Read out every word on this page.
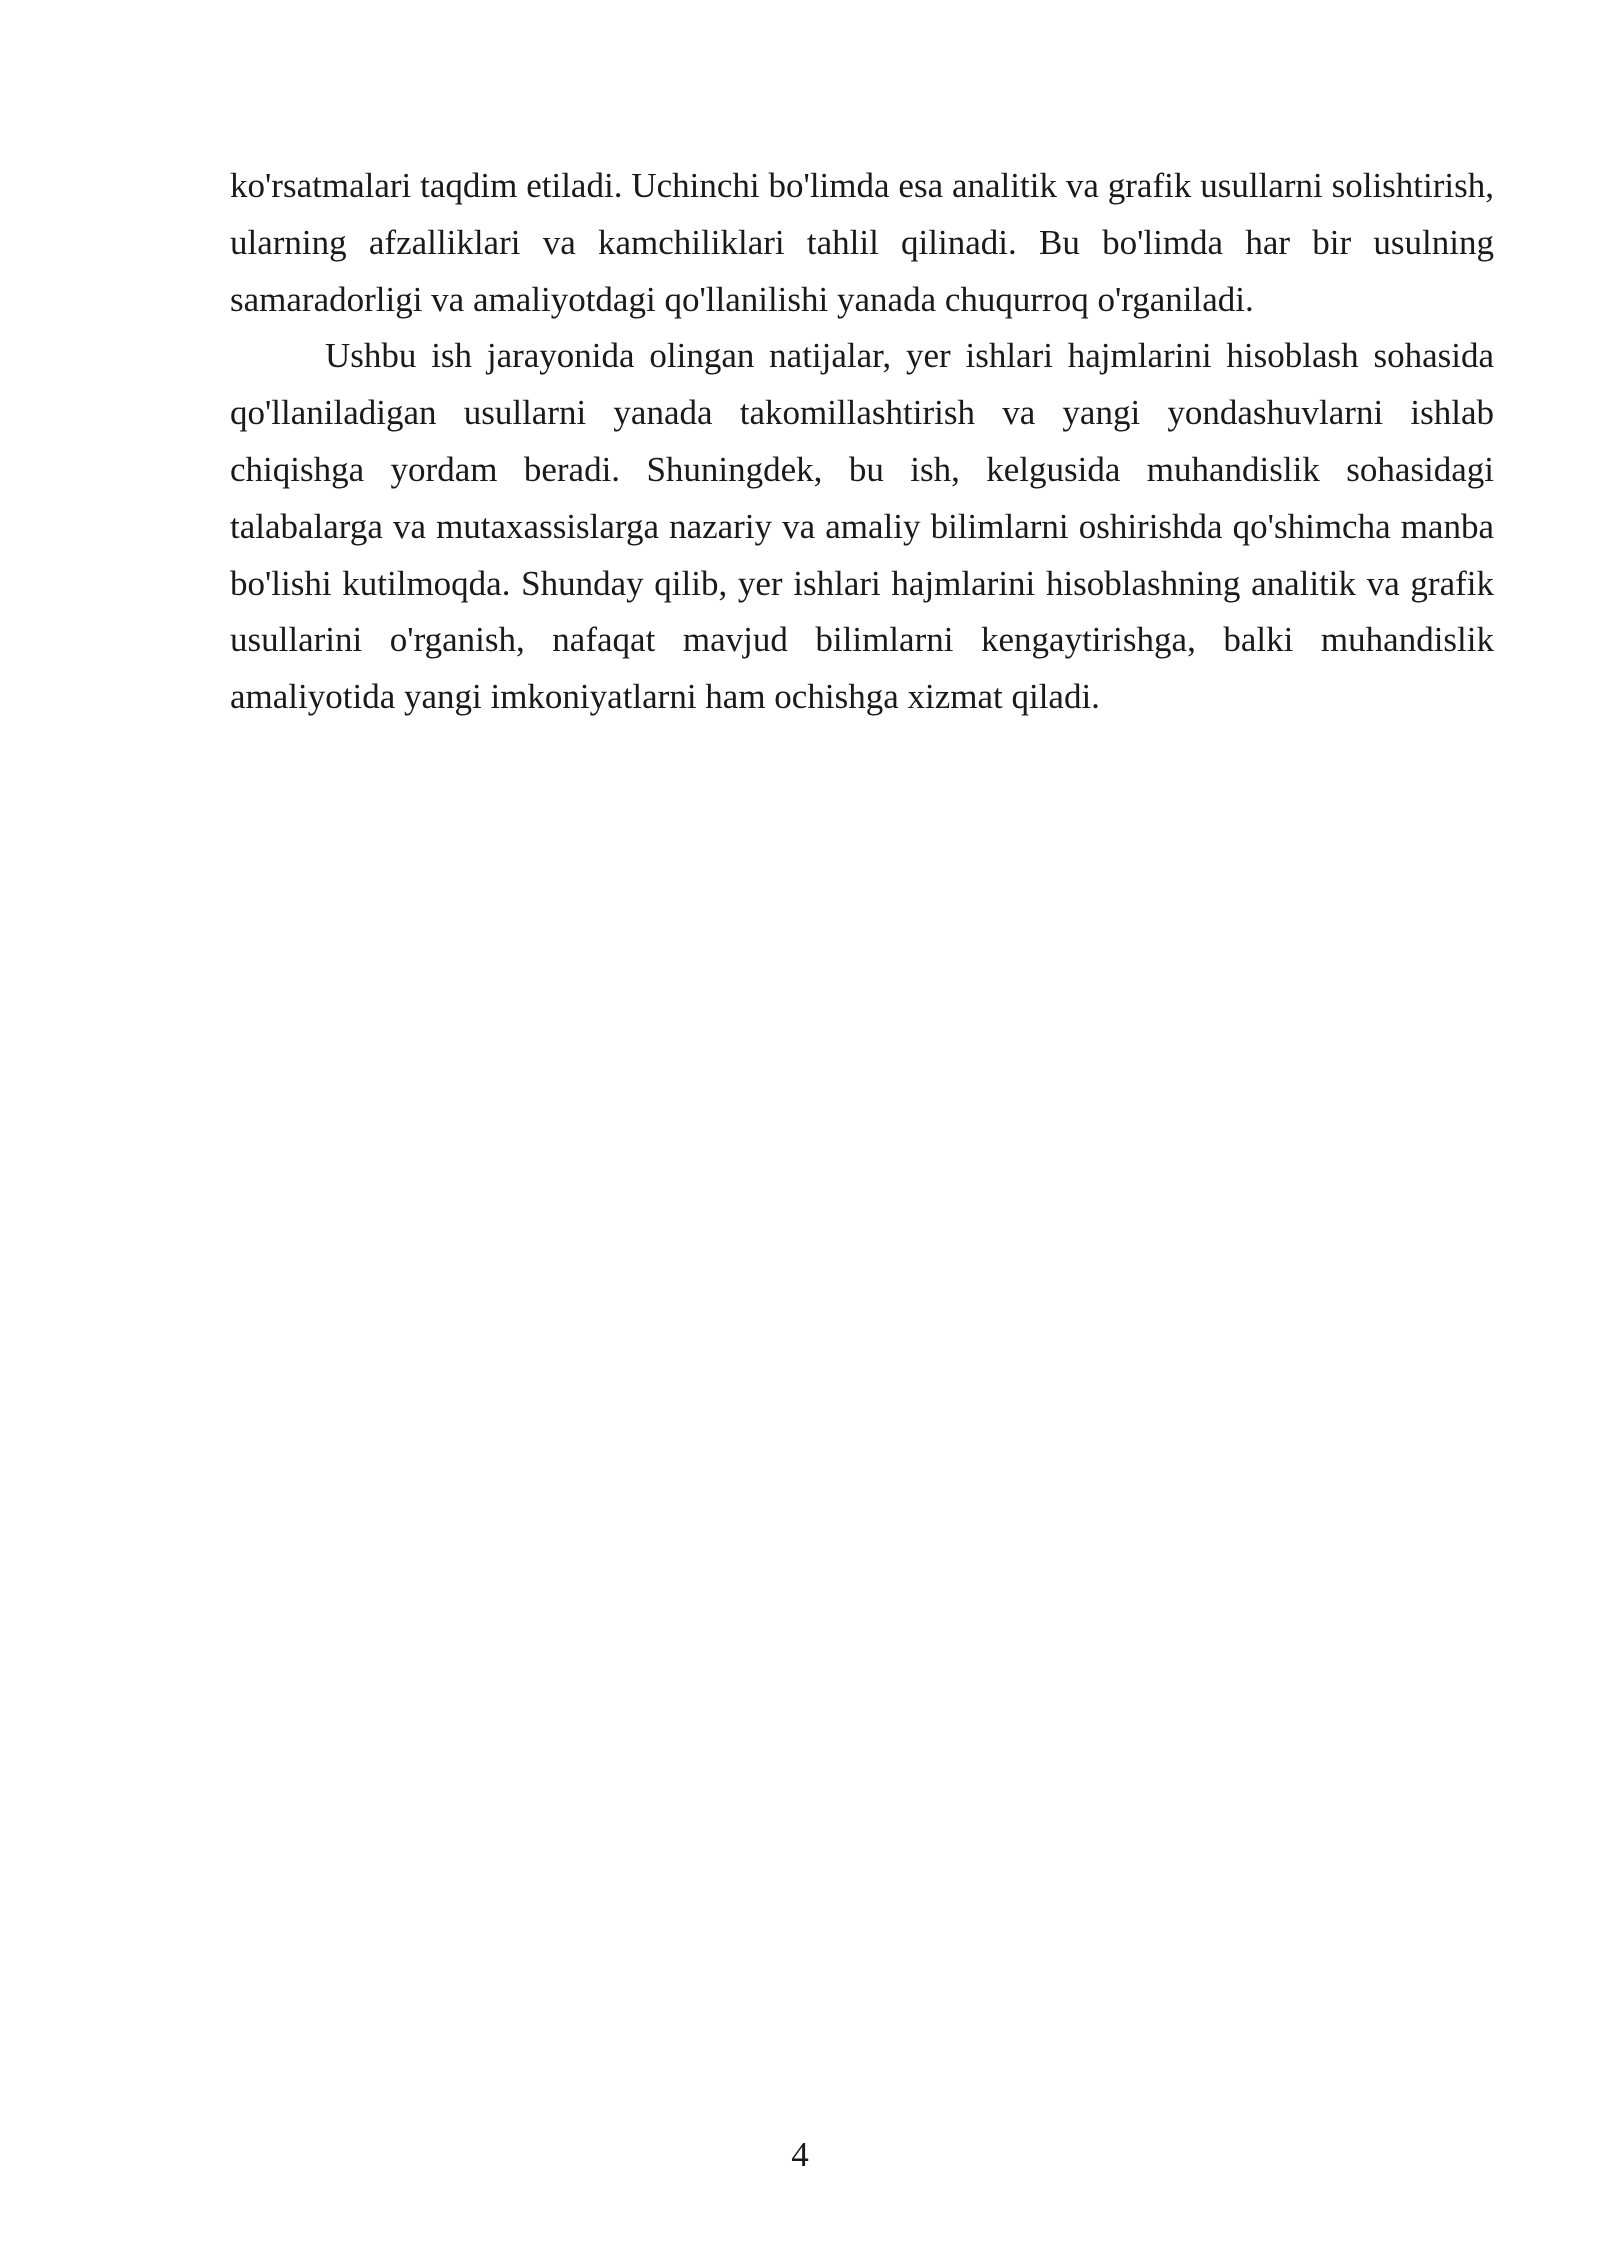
ko'rsatmalari taqdim etiladi. Uchinchi bo'limda esa analitik va grafik usullarni solishtirish, ularning afzalliklari va kamchiliklari tahlil qilinadi. Bu bo'limda har bir usulning samaradorligi va amaliyotdagi qo'llanilishi yanada chuqurroq o'rganiladi.

Ushbu ish jarayonida olingan natijalar, yer ishlari hajmlarini hisoblash sohasida qo'llaniladigan usullarni yanada takomillashtirish va yangi yondashuvlarni ishlab chiqishga yordam beradi. Shuningdek, bu ish, kelgusida muhandislik sohasidagi talabalarga va mutaxassislarga nazariy va amaliy bilimlarni oshirishda qo'shimcha manba bo'lishi kutilmoqda. Shunday qilib, yer ishlari hajmlarini hisoblashning analitik va grafik usullarini o'rganish, nafaqat mavjud bilimlarni kengaytirishga, balki muhandislik amaliyotida yangi imkoniyatlarni ham ochishga xizmat qiladi.

4
